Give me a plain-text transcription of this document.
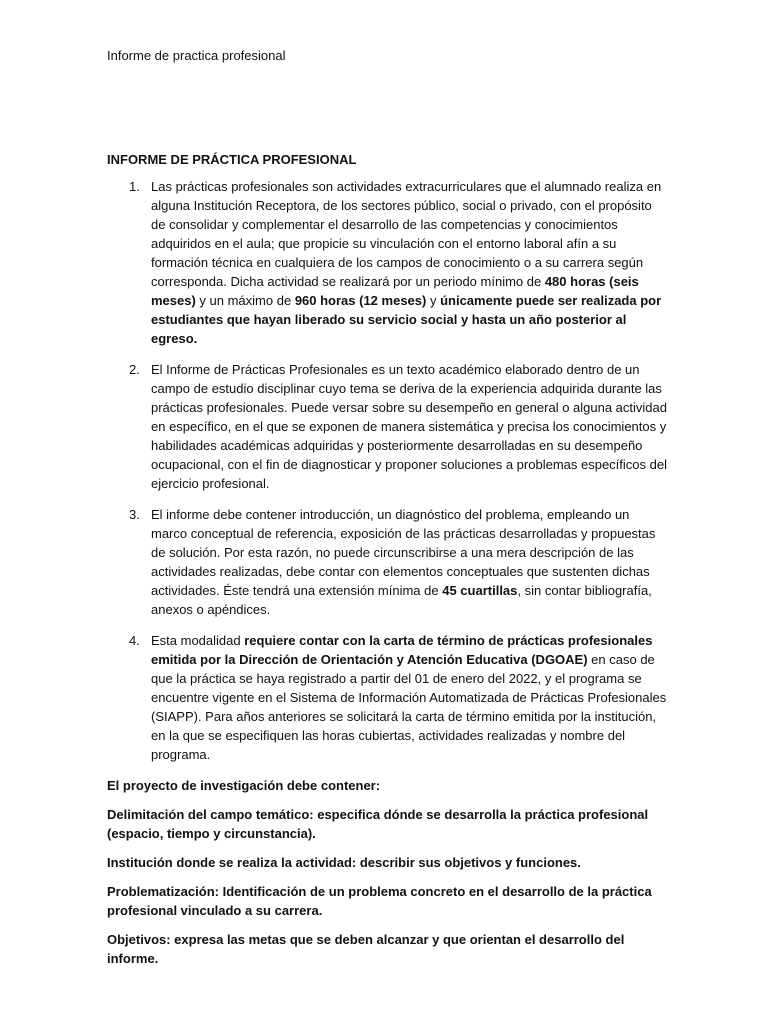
Informe de practica profesional
INFORME DE PRÁCTICA PROFESIONAL
1. Las prácticas profesionales son actividades extracurriculares que el alumnado realiza en alguna Institución Receptora, de los sectores público, social o privado, con el propósito de consolidar y complementar el desarrollo de las competencias y conocimientos adquiridos en el aula; que propicie su vinculación con el entorno laboral afín a su formación técnica en cualquiera de los campos de conocimiento o a su carrera según corresponda. Dicha actividad se realizará por un periodo mínimo de 480 horas (seis meses) y un máximo de 960 horas (12 meses) y únicamente puede ser realizada por estudiantes que hayan liberado su servicio social y hasta un año posterior al egreso.
2. El Informe de Prácticas Profesionales es un texto académico elaborado dentro de un campo de estudio disciplinar cuyo tema se deriva de la experiencia adquirida durante las prácticas profesionales. Puede versar sobre su desempeño en general o alguna actividad en específico, en el que se exponen de manera sistemática y precisa los conocimientos y habilidades académicas adquiridas y posteriormente desarrolladas en su desempeño ocupacional, con el fin de diagnosticar y proponer soluciones a problemas específicos del ejercicio profesional.
3. El informe debe contener introducción, un diagnóstico del problema, empleando un marco conceptual de referencia, exposición de las prácticas desarrolladas y propuestas de solución. Por esta razón, no puede circunscribirse a una mera descripción de las actividades realizadas, debe contar con elementos conceptuales que sustenten dichas actividades. Éste tendrá una extensión mínima de 45 cuartillas, sin contar bibliografía, anexos o apéndices.
4. Esta modalidad requiere contar con la carta de término de prácticas profesionales emitida por la Dirección de Orientación y Atención Educativa (DGOAE) en caso de que la práctica se haya registrado a partir del 01 de enero del 2022, y el programa se encuentre vigente en el Sistema de Información Automatizada de Prácticas Profesionales (SIAPP). Para años anteriores se solicitará la carta de término emitida por la institución, en la que se especifiquen las horas cubiertas, actividades realizadas y nombre del programa.
El proyecto de investigación debe contener:
Delimitación del campo temático: especifica dónde se desarrolla la práctica profesional (espacio, tiempo y circunstancia).
Institución donde se realiza la actividad: describir sus objetivos y funciones.
Problematización: Identificación de un problema concreto en el desarrollo de la práctica profesional vinculado a su carrera.
Objetivos: expresa las metas que se deben alcanzar y que orientan el desarrollo del informe.
